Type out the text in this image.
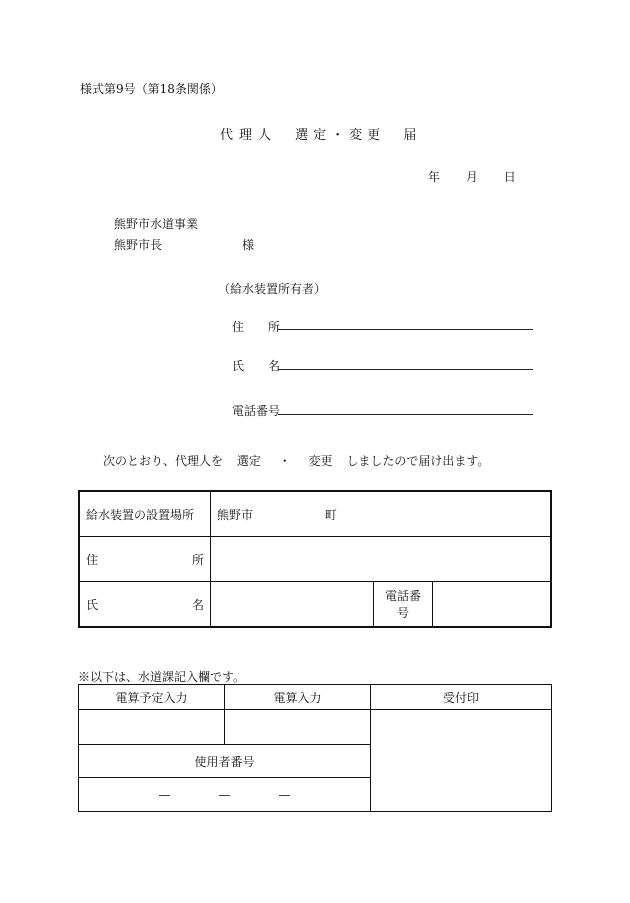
様式第9号（第18条関係）
代理人 選定・変更 届
年 月 日
熊野市水道事業
熊野市長	様
（給水装置所有者）
住 所
氏 名
電話番号
次のとおり、代理人を 選定 ・ 変更 しましたので届け出ます。
給水装置の設置場所	熊野市 町		

住 所			

氏 名		電話番号	
※以下は、水道課記入欄です。
電算予定入力	電算入力	受付印

使用者番号		

— — —		
